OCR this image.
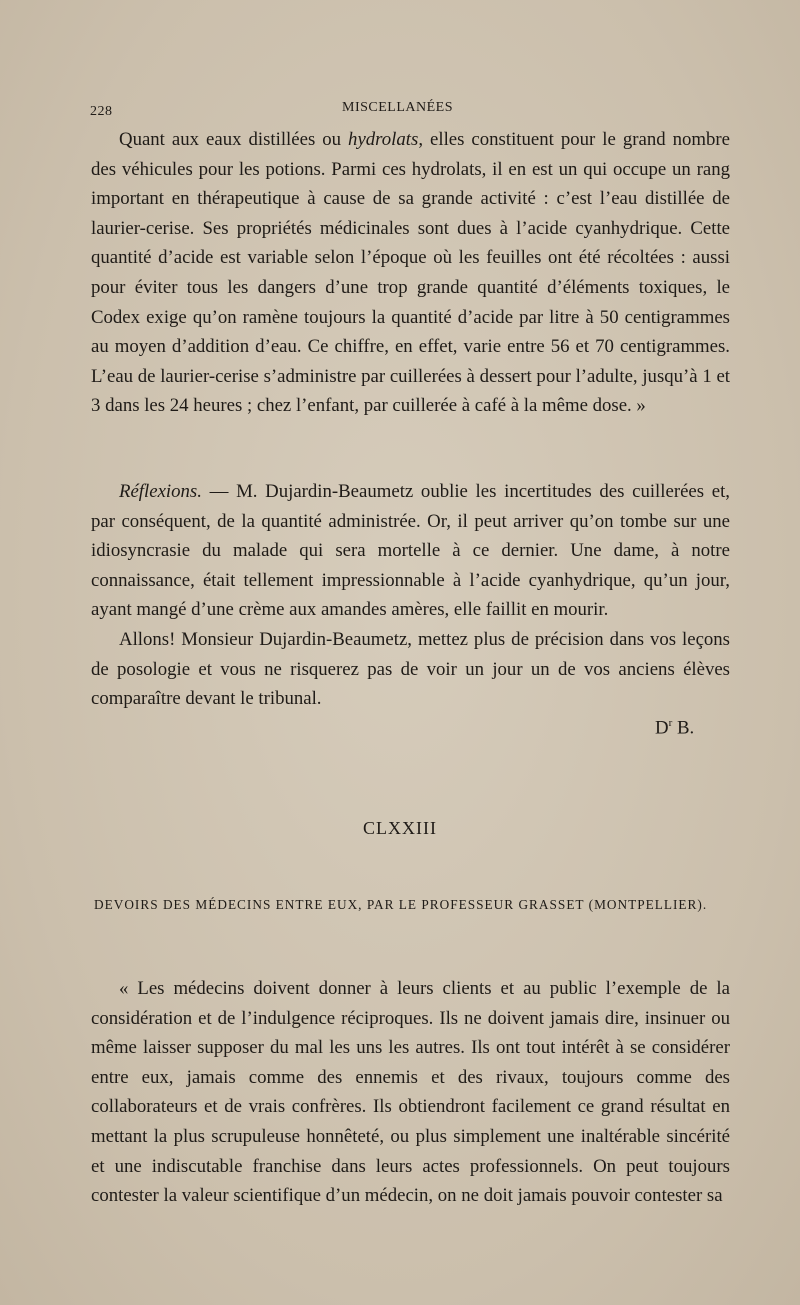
228	MISCELLANÉES

Quant aux eaux distillées ou hydrolats, elles constituent pour le grand nombre des véhicules pour les potions. Parmi ces hydrolats, il en est un qui occupe un rang important en thérapeutique à cause de sa grande activité : c’est l’eau distillée de laurier-cerise. Ses propriétés médicinales sont dues à l’acide cyanhydrique. Cette quantité d’acide est variable selon l’époque où les feuilles ont été récoltées : aussi pour éviter tous les dangers d’une trop grande quantité d’éléments toxiques, le Codex exige qu’on ramène toujours la quantité d’acide par litre à 50 centigrammes au moyen d’addition d’eau. Ce chiffre, en effet, varie entre 56 et 70 centigrammes. L’eau de laurier-cerise s’administre par cuillerées à dessert pour l’adulte, jusqu’à 1 et 3 dans les 24 heures ; chez l’enfant, par cuillerée à café à la même dose. »

Réflexions. — M. Dujardin-Beaumetz oublie les incertitudes des cuillerées et, par conséquent, de la quantité administrée. Or, il peut arriver qu’on tombe sur une idiosyncrasie du malade qui sera mortelle à ce dernier. Une dame, à notre connaissance, était tellement impressionnable à l’acide cyanhydrique, qu’un jour, ayant mangé d’une crème aux amandes amères, elle faillit en mourir.

Allons! Monsieur Dujardin-Beaumetz, mettez plus de précision dans vos leçons de posologie et vous ne risquerez pas de voir un jour un de vos anciens élèves comparaître devant le tribunal.

$D^r$ B.
CLXXIII
DEVOIRS DES MÉDECINS ENTRE EUX, PAR LE PROFESSEUR GRASSET (MONTPELLIER).

« Les médecins doivent donner à leurs clients et au public l’exemple de la considération et de l’indulgence réciproques. Ils ne doivent jamais dire, insinuer ou même laisser supposer du mal les uns les autres. Ils ont tout intérêt à se considérer entre eux, jamais comme des ennemis et des rivaux, toujours comme des collaborateurs et de vrais confrères. Ils obtiendront facilement ce grand résultat en mettant la plus scrupuleuse honnêteté, ou plus simplement une inaltérable sincérité et une indiscutable franchise dans leurs actes professionnels. On peut toujours contester la valeur scientifique d’un médecin, on ne doit jamais pouvoir contester sa
